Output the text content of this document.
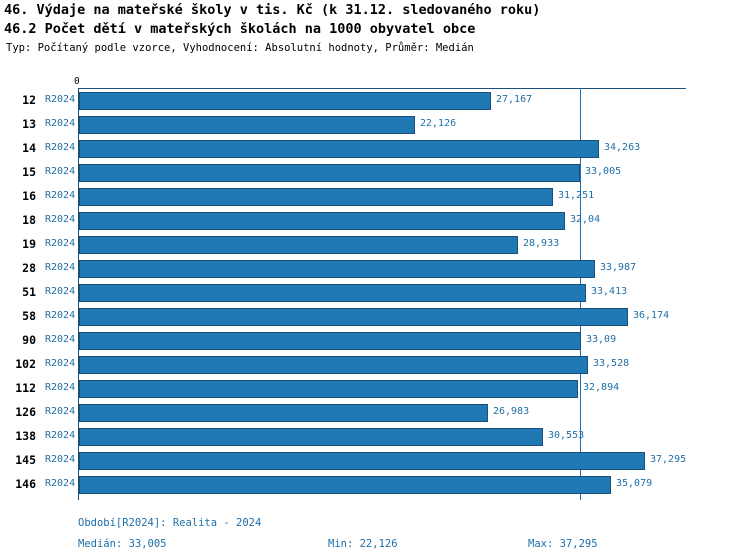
46. Výdaje na mateřské školy v tis. Kč (k 31.12. sledovaného roku)
46.2 Počet dětí v mateřských školách na 1000 obyvatel obce
Typ: Počítaný podle vzorce, Vyhodnocení: Absolutní hodnoty, Průměr: Medián
0
12 R2024	27,167
13 R2024	22,126
14 R2024	34,263
15 R2024	33,005
16 R2024	31,251
18 R2024	32,04
19 R2024	28,933
28 R2024	33,987
51 R2024	33,413
58 R2024	36,174
90 R2024	33,09
102 R2024	33,528
112 R2024	32,894
126 R2024	26,983
138 R2024	30,553
145 R2024	37,295
146 R2024	35,079
Období[R2024]: Realita - 2024
Medián: 33,005	Min: 22,126	Max: 37,295
